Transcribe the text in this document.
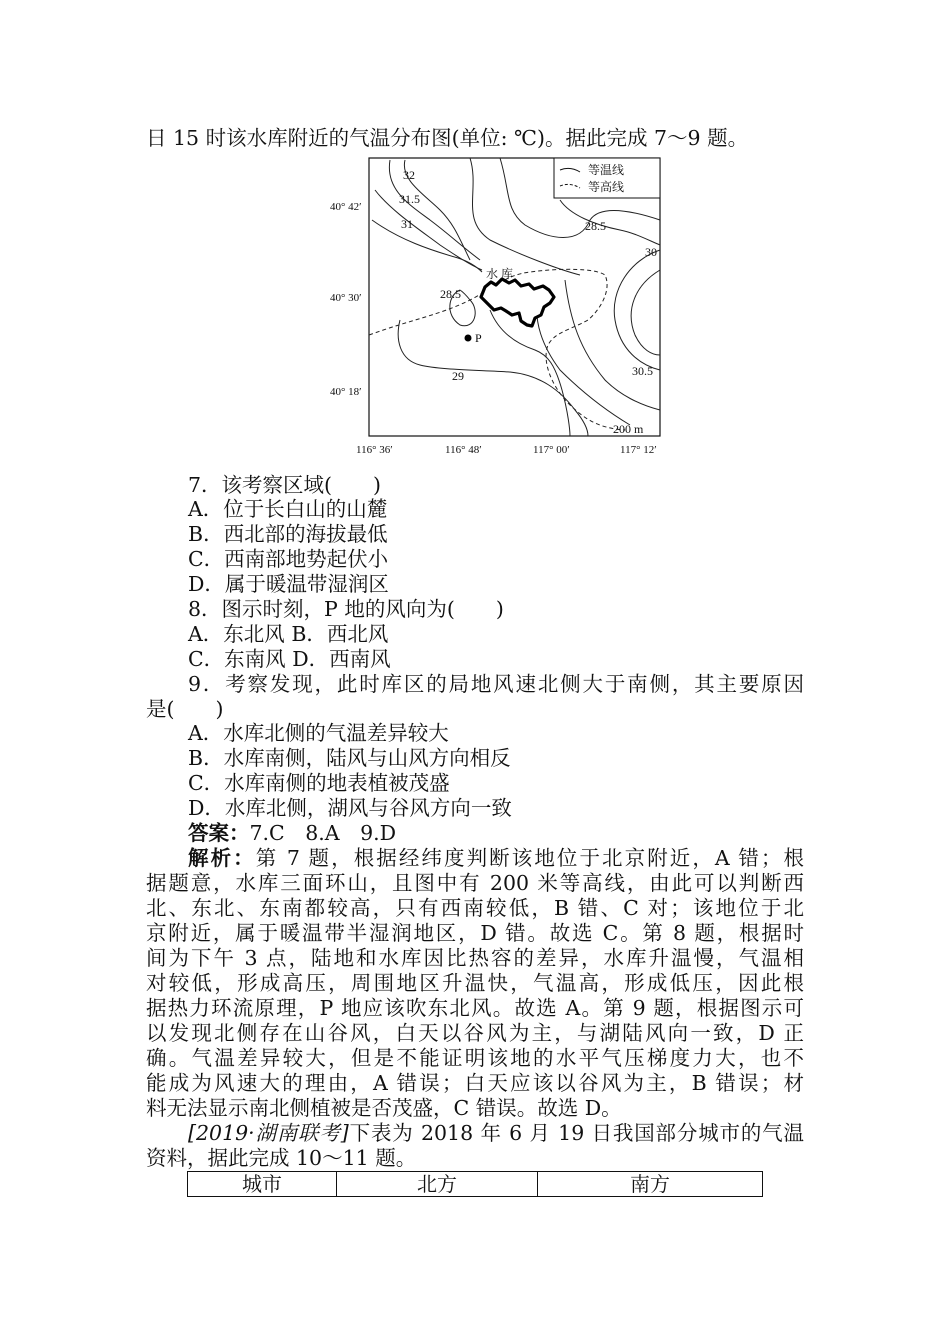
日 15 时该水库附近的气温分布图(单位: ℃)。据此完成 7～9 题。
等温线
等高线
水 库
P
32
31.5
31	28.5
30
28.5
29	30.5
200 m
40° 42′
40° 30′
40° 18′
116° 36′	116° 48′	117° 00′	117° 12′
7．该考察区域(　　)
A．位于长白山的山麓
B．西北部的海拔最低
C．西南部地势起伏小
D．属于暖温带湿润区
8．图示时刻，P 地的风向为(　　)
A．东北风 B．西北风
C．东南风 D．西南风
9．考察发现，此时库区的局地风速北侧大于南侧，其主要原因
是(　　)
A．水库北侧的气温差异较大
B．水库南侧，陆风与山风方向相反
C．水库南侧的地表植被茂盛
D．水库北侧，湖风与谷风方向一致
答案：7.C　8.A　9.D
解析：第 7 题，根据经纬度判断该地位于北京附近，A 错；根
据题意，水库三面环山，且图中有 200 米等高线，由此可以判断西
北、东北、东南都较高，只有西南较低，B 错、C 对；该地位于北
京附近，属于暖温带半湿润地区，D 错。故选 C。第 8 题，根据时
间为下午 3 点，陆地和水库因比热容的差异，水库升温慢，气温相
对较低，形成高压，周围地区升温快，气温高，形成低压，因此根
据热力环流原理，P 地应该吹东北风。故选 A。第 9 题，根据图示可
以发现北侧存在山谷风，白天以谷风为主，与湖陆风向一致，D 正
确。气温差异较大，但是不能证明该地的水平气压梯度力大，也不
能成为风速大的理由，A 错误；白天应该以谷风为主，B 错误；材
料无法显示南北侧植被是否茂盛，C 错误。故选 D。
[2019·湖南联考]下表为 2018 年 6 月 19 日我国部分城市的气温
资料，据此完成 10～11 题。
城市	北方	南方
